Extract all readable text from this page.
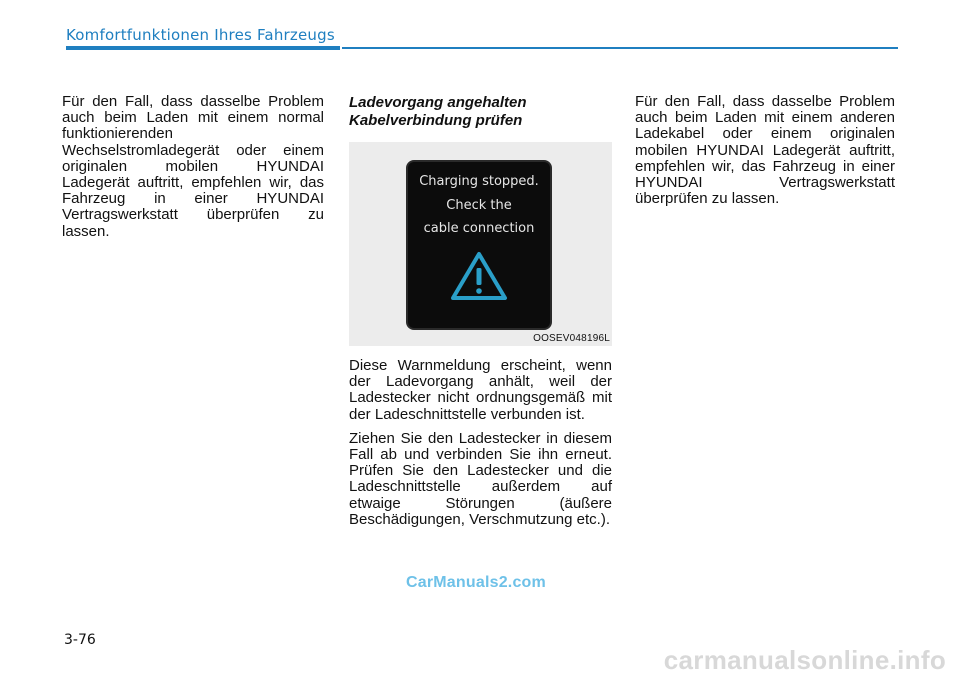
Komfortfunktionen Ihres Fahrzeugs

Für den Fall, dass dasselbe Problem auch beim Laden mit einem normal funktionierenden Wechselstromladegerät oder einem originalen mobilen HYUNDAI Ladegerät auftritt, empfehlen wir, das Fahrzeug in einer HYUNDAI Vertragswerkstatt überprüfen zu lassen.

Ladevorgang angehalten

Kabelverbindung prüfen

Charging stopped.
Check the
cable connection
OOSEV048196L

Diese Warnmeldung erscheint, wenn der Ladevorgang anhält, weil der Ladestecker nicht ordnungsgemäß mit der Ladeschnittstelle verbunden ist.

Ziehen Sie den Ladestecker in diesem Fall ab und verbinden Sie ihn erneut. Prüfen Sie den Ladestecker und die Ladeschnittstelle außerdem auf etwaige Störungen (äußere Beschädigungen, Verschmutzung etc.).

Für den Fall, dass dasselbe Problem auch beim Laden mit einem anderen Ladekabel oder einem originalen mobilen HYUNDAI Ladegerät auftritt, empfehlen wir, das Fahrzeug in einer HYUNDAI Vertragswerkstatt überprüfen zu lassen.

CarManuals2.com
3-76
carmanualsonline.info
